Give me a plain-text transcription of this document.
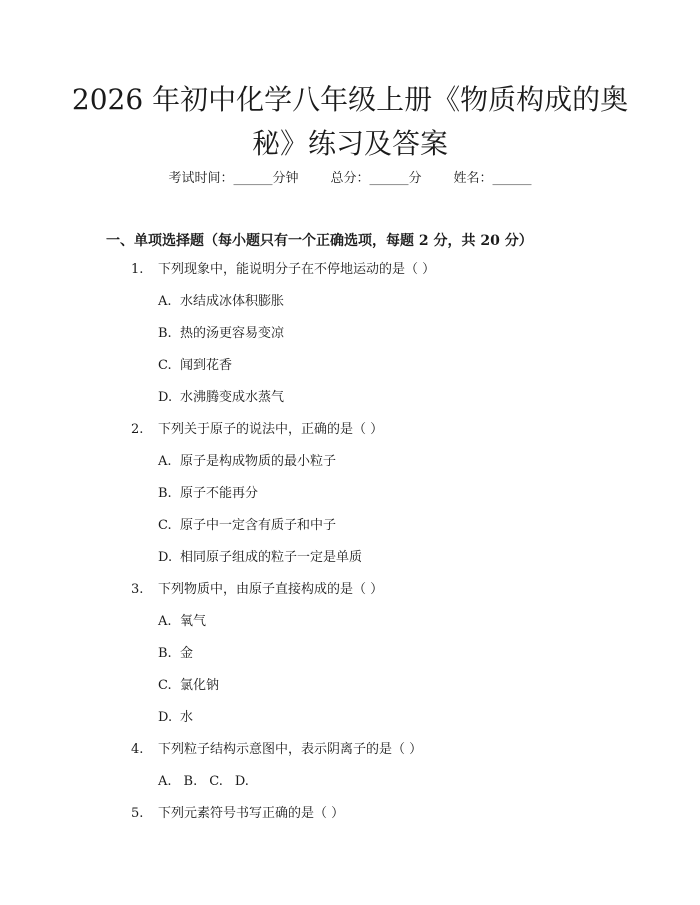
2026 年初中化学八年级上册《物质构成的奥
秘》练习及答案
考试时间：______分钟 总分：______分 姓名：______
一、单项选择题（每小题只有一个正确选项，每题 2 分，共 20 分）
1. 下列现象中，能说明分子在不停地运动的是（ ）
A. 水结成冰体积膨胀
B. 热的汤更容易变凉
C. 闻到花香
D. 水沸腾变成水蒸气
2. 下列关于原子的说法中，正确的是（ ）
A. 原子是构成物质的最小粒子
B. 原子不能再分
C. 原子中一定含有质子和中子
D. 相同原子组成的粒子一定是单质
3. 下列物质中，由原子直接构成的是（ ）
A. 氧气
B. 金
C. 氯化钠
D. 水
4. 下列粒子结构示意图中，表示阴离子的是（ ）
A. B. C. D.
5. 下列元素符号书写正确的是（ ）
